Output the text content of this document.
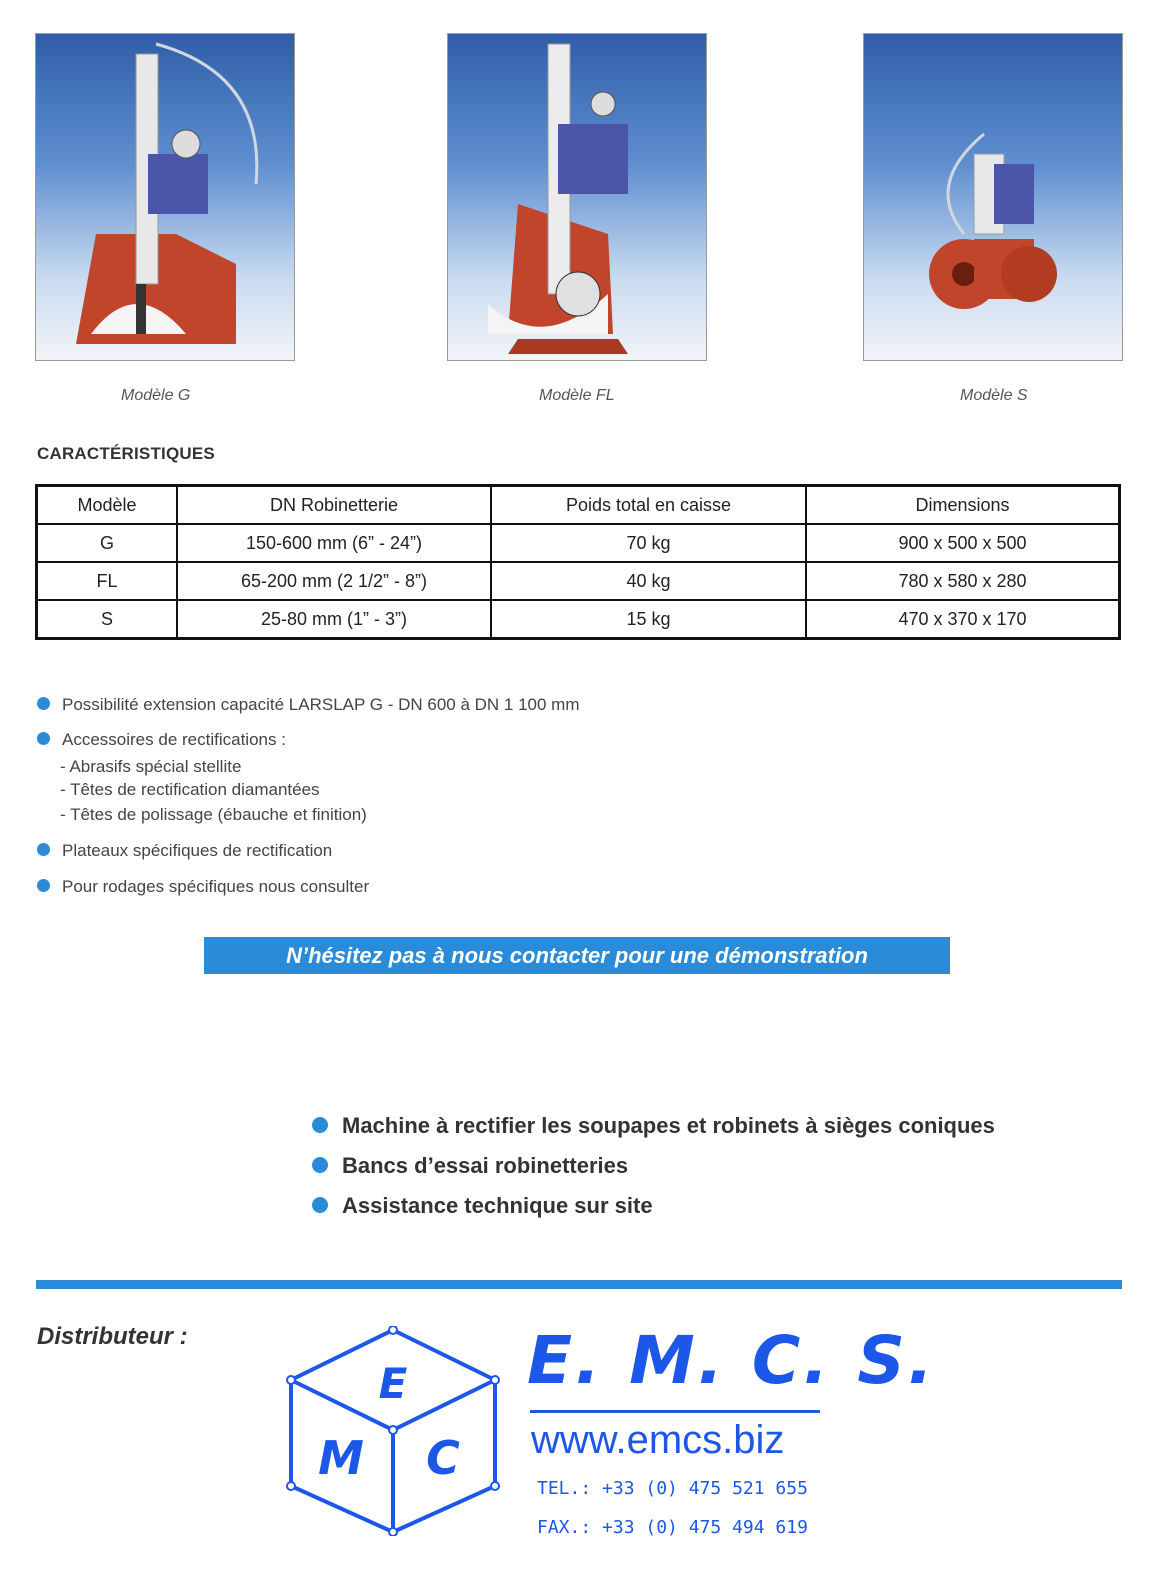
Modèle G	Modèle FL	Modèle S
CARACTÉRISTIQUES
Modèle	DN Robinetterie	Poids total en caisse	Dimensions
G	150-600 mm (6” - 24”)	70 kg	900 x 500 x 500
FL	65-200 mm (2 1/2” - 8”)	40 kg	780 x 580 x 280
S	25-80 mm (1” - 3”)	15 kg	470 x 370 x 170
Possibilité extension capacité LARSLAP G - DN 600 à DN 1 100 mm
Accessoires de rectifications :
- Abrasifs spécial stellite
- Têtes de rectification diamantées
- Têtes de polissage (ébauche et finition)
Plateaux spécifiques de rectification
Pour rodages spécifiques nous consulter
N’hésitez pas à nous contacter pour une démonstration
Machine à rectifier les soupapes et robinets à sièges coniques
Bancs d’essai robinetteries
Assistance technique sur site
Distributeur :
E
M C
E. M. C. S.
www.emcs.biz
TEL.: +33 (0) 475 521 655
FAX.: +33 (0) 475 494 619
